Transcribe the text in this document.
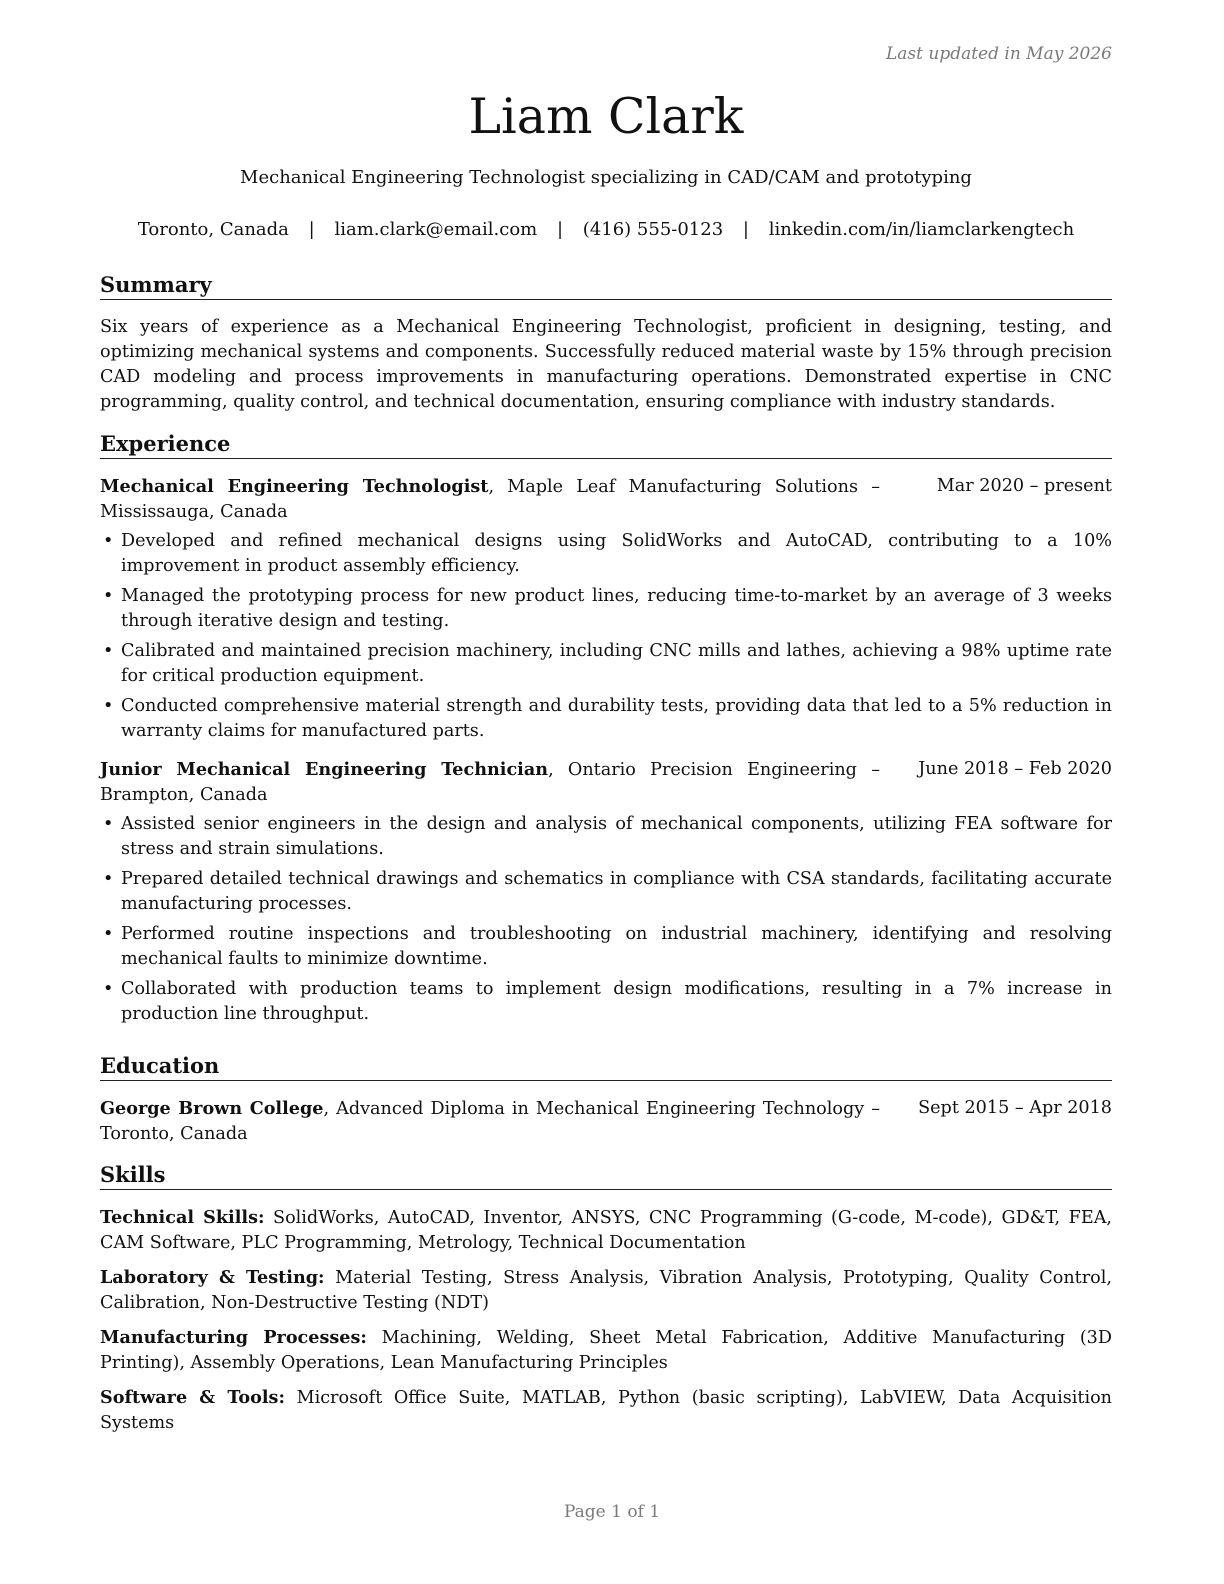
Last updated in May 2026
Liam Clark
Mechanical Engineering Technologist specializing in CAD/CAM and prototyping
Toronto, Canada | liam.clark@email.com | (416) 555-0123 | linkedin.com/in/liamclarkengtech
Summary

Six years of experience as a Mechanical Engineering Technologist, proficient in designing, testing, and optimizing mechanical systems and components. Successfully reduced material waste by 15% through precision CAD modeling and process improvements in manufacturing operations. Demonstrated expertise in CNC programming, quality control, and technical documentation, ensuring compliance with industry standards.

Experience
Mechanical Engineering Technologist, Maple Leaf Manufacturing Solutions – Mississauga, Canada
Mar 2020 – present
• Developed and refined mechanical designs using SolidWorks and AutoCAD, contributing to a 10% improvement in product assembly efficiency.
• Managed the prototyping process for new product lines, reducing time-to-market by an average of 3 weeks through iterative design and testing.
• Calibrated and maintained precision machinery, including CNC mills and lathes, achieving a 98% uptime rate for critical production equipment.
• Conducted comprehensive material strength and durability tests, providing data that led to a 5% reduction in warranty claims for manufactured parts.
Junior Mechanical Engineering Technician, Ontario Precision Engineering – Brampton, Canada
June 2018 – Feb 2020
• Assisted senior engineers in the design and analysis of mechanical components, utilizing FEA software for stress and strain simulations.
• Prepared detailed technical drawings and schematics in compliance with CSA standards, facilitating accurate manufacturing processes.
• Performed routine inspections and troubleshooting on industrial machinery, identifying and resolving mechanical faults to minimize downtime.
• Collaborated with production teams to implement design modifications, resulting in a 7% increase in production line throughput.
Education
George Brown College, Advanced Diploma in Mechanical Engineering Technology – Toronto, Canada
Sept 2015 – Apr 2018
Skills

Technical Skills: SolidWorks, AutoCAD, Inventor, ANSYS, CNC Programming (G-code, M-code), GD&T, FEA, CAM Software, PLC Programming, Metrology, Technical Documentation

Laboratory & Testing: Material Testing, Stress Analysis, Vibration Analysis, Prototyping, Quality Control, Calibration, Non-Destructive Testing (NDT)

Manufacturing Processes: Machining, Welding, Sheet Metal Fabrication, Additive Manufacturing (3D Printing), Assembly Operations, Lean Manufacturing Principles

Software & Tools: Microsoft Office Suite, MATLAB, Python (basic scripting), LabVIEW, Data Acquisition Systems

Page 1 of 1
